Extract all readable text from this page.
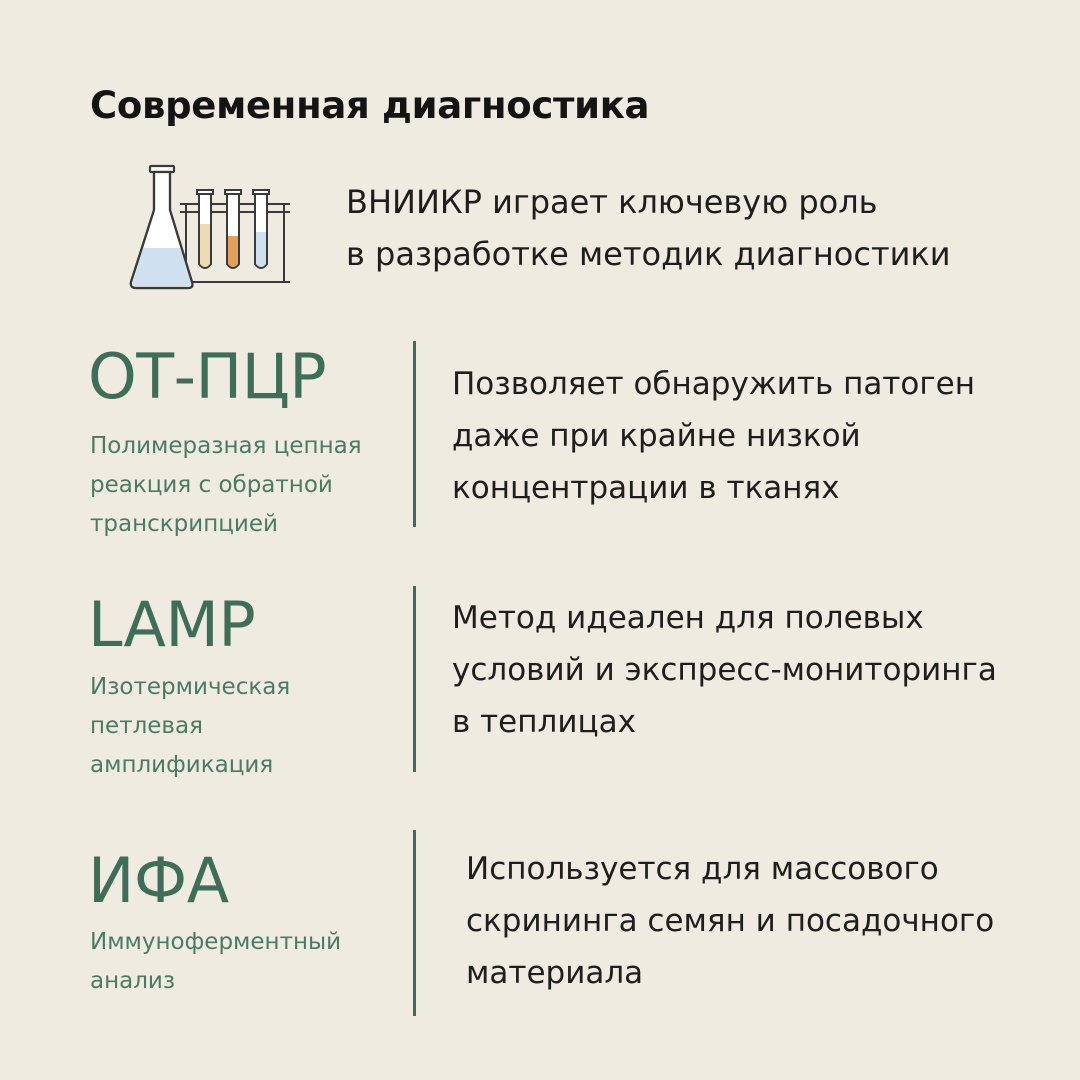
Современная диагностика
ВНИИКР играет ключевую роль
в разработке методик диагностики
ОТ-ПЦР
Полимеразная цепная
реакция с обратной
транскрипцией
Позволяет обнаружить патоген
даже при крайне низкой
концентрации в тканях
LAMP
Изотермическая
петлевая
амплификация
Метод идеален для полевых
условий и экспресс-мониторинга
в теплицах
ИФА
Иммуноферментный
анализ
Используется для массового
скрининга семян и посадочного
материала
